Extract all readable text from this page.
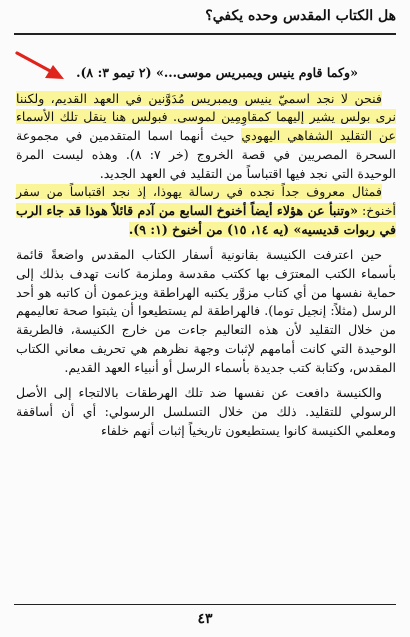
هل الكتاب المقدس وحده يكفي؟

«وكما قاوم ينيس ويمبريس موسى...» (٢ تيمو ٣: ٨).

فنحن لا نجد اسميّ ينيس ويمبريس مُدَوَّنين في العهد القديم، ولكننا نرى بولس يشير إليهما كمقاوِمِين لموسى. فبولس هنا ينقل تلك الأسماء عن التقليد الشفاهي اليهودي حيث أنهما اسما المتقدمين في مجموعة السحرة المصريين في قصة الخروج (خر ٧: ٨). وهذه ليست المرة الوحيدة التي نجد فيها اقتباساً من التقليد في العهد الجديد.

فمثال معروف جداً نجده في رسالة يهوذا، إذ نجد اقتباساً من سفر أخنوخ: «وتنبأ عن هؤلاء أيضاً أخنوخ السابع من آدم قائلاً هوذا قد جاء الرب في ربوات قديسيه» (يه ١٤، ١٥) من أخنوخ (١: ٩).

حين اعترفت الكنيسة بقانونية أسفار الكتاب المقدس واضعةً قائمة بأسماء الكتب المعترَف بها ككتب مقدسة وملزمة كانت تهدف بذلك إلى حماية نفسها من أي كتاب مزوَّر يكتبه الهراطقة ويزعمون أن كاتبه هو أحد الرسل (مثلاً: إنجيل توما). فالهراطقة لم يستطيعوا أن يثبتوا صحة تعاليمهم من خلال التقليد لأن هذه التعاليم جاءت من خارج الكنيسة، فالطريقة الوحيدة التي كانت أمامهم لإثبات وجهة نظرهم هي تحريف معاني الكتاب المقدس، وكتابة كتب جديدة بأسماء الرسل أو أنبياء العهد القديم.

والكنيسة دافعت عن نفسها ضد تلك الهرطقات بالالتجاء إلى الأصل الرسولي للتقليد. ذلك من خلال التسلسل الرسولي: أي أن أساقفة ومعلمي الكنيسة كانوا يستطيعون تاريخياً إثبات أنهم خلفاء

٤٣
